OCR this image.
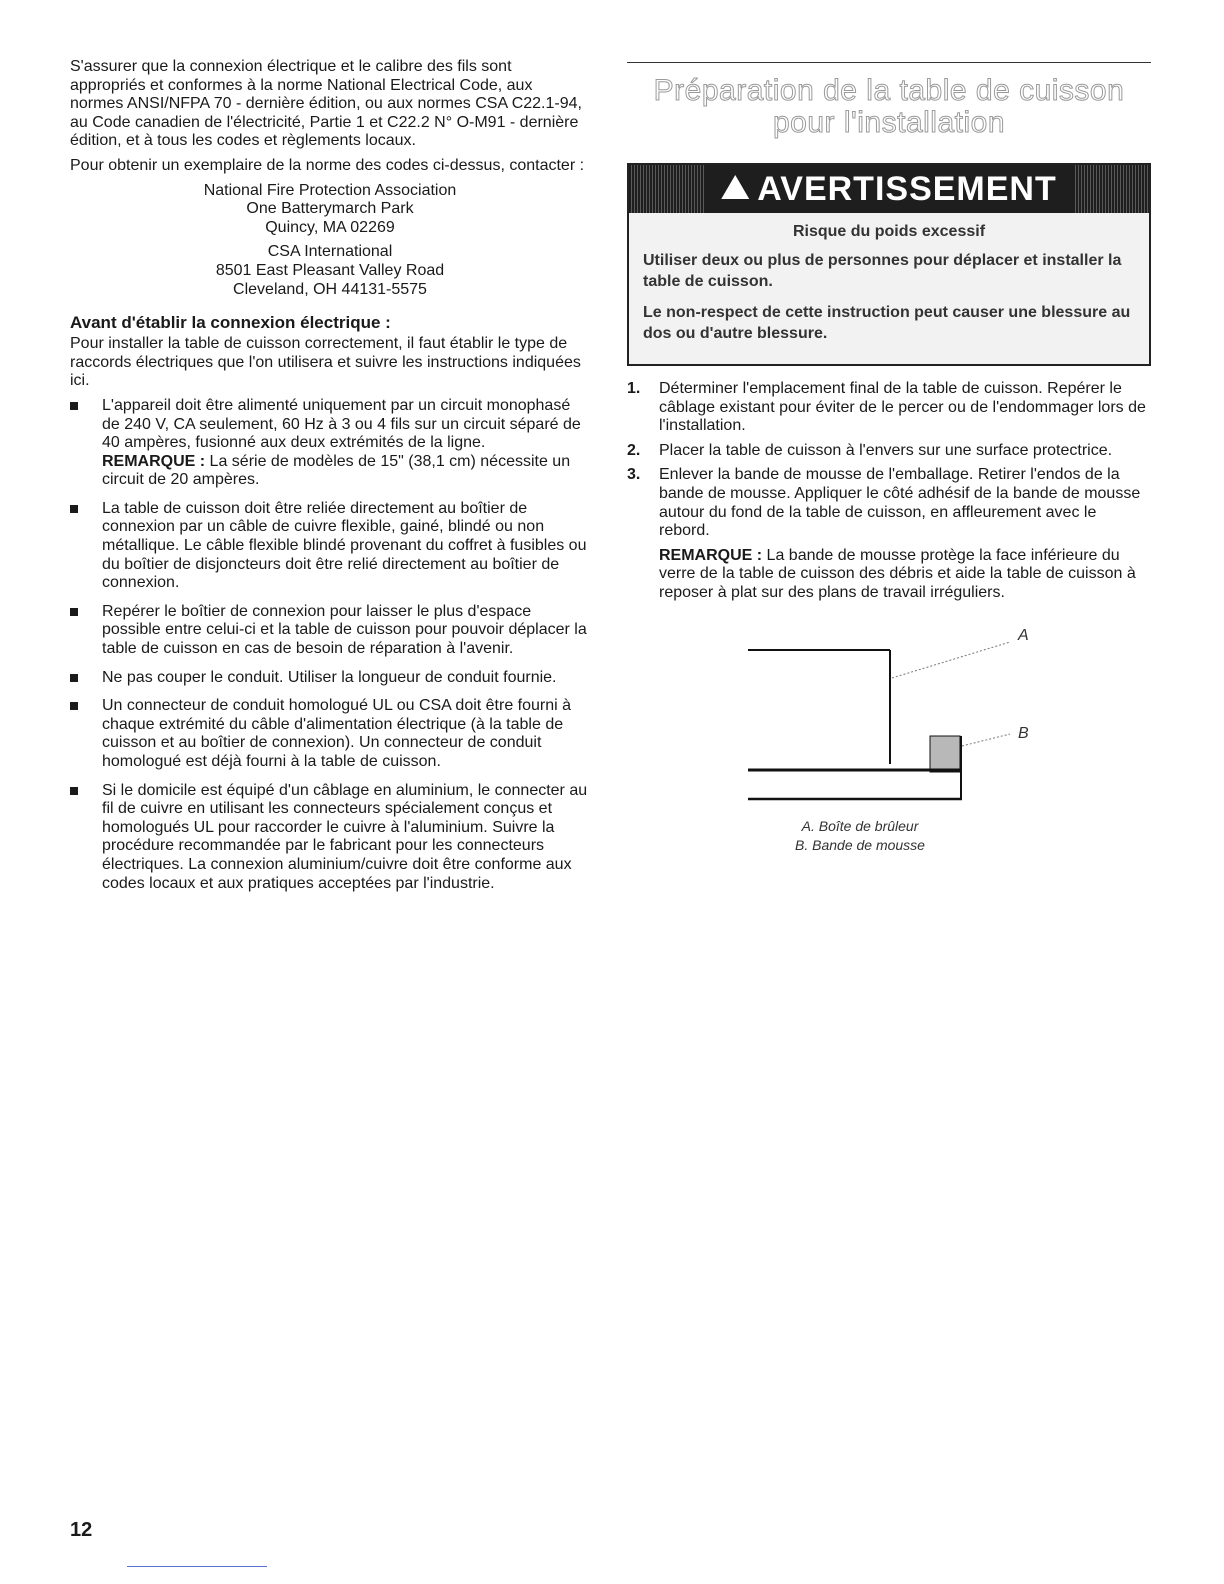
S'assurer que la connexion électrique et le calibre des fils sont appropriés et conformes à la norme National Electrical Code, aux normes ANSI/NFPA 70 - dernière édition, ou aux normes CSA C22.1-94, au Code canadien de l'électricité, Partie 1 et C22.2 N° O-M91 - dernière édition, et à tous les codes et règlements locaux.

Pour obtenir un exemplaire de la norme des codes ci-dessus, contacter :

National Fire Protection Association
One Batterymarch Park
Quincy, MA 02269
CSA International
8501 East Pleasant Valley Road
Cleveland, OH 44131-5575
Avant d'établir la connexion électrique :

Pour installer la table de cuisson correctement, il faut établir le type de raccords électriques que l'on utilisera et suivre les instructions indiquées ici.

L'appareil doit être alimenté uniquement par un circuit monophasé de 240 V, CA seulement, 60 Hz à 3 ou 4 fils sur un circuit séparé de 40 ampères, fusionné aux deux extrémités de la ligne.
REMARQUE : La série de modèles de 15" (38,1 cm) nécessite un circuit de 20 ampères.
La table de cuisson doit être reliée directement au boîtier de connexion par un câble de cuivre flexible, gainé, blindé ou non métallique. Le câble flexible blindé provenant du coffret à fusibles ou du boîtier de disjoncteurs doit être relié directement au boîtier de connexion.
Repérer le boîtier de connexion pour laisser le plus d'espace possible entre celui-ci et la table de cuisson pour pouvoir déplacer la table de cuisson en cas de besoin de réparation à l'avenir.
Ne pas couper le conduit. Utiliser la longueur de conduit fournie.
Un connecteur de conduit homologué UL ou CSA doit être fourni à chaque extrémité du câble d'alimentation électrique (à la table de cuisson et au boîtier de connexion). Un connecteur de conduit homologué est déjà fourni à la table de cuisson.
Si le domicile est équipé d'un câblage en aluminium, le connecter au fil de cuivre en utilisant les connecteurs spécialement conçus et homologués UL pour raccorder le cuivre à l'aluminium. Suivre la procédure recommandée par le fabricant pour les connecteurs électriques. La connexion aluminium/cuivre doit être conforme aux codes locaux et aux pratiques acceptées par l'industrie.
Préparation de la table de cuisson pour l'installation
AVERTISSEMENT

Risque du poids excessif

Utiliser deux ou plus de personnes pour déplacer et installer la table de cuisson.

Le non-respect de cette instruction peut causer une blessure au dos ou d'autre blessure.

1. Déterminer l'emplacement final de la table de cuisson. Repérer le câblage existant pour éviter de le percer ou de l'endommager lors de l'installation.
2. Placer la table de cuisson à l'envers sur une surface protectrice.
3. Enlever la bande de mousse de l'emballage. Retirer l'endos de la bande de mousse. Appliquer le côté adhésif de la bande de mousse autour du fond de la table de cuisson, en affleurement avec le rebord.
REMARQUE : La bande de mousse protège la face inférieure du verre de la table de cuisson des débris et aide la table de cuisson à reposer à plat sur des plans de travail irréguliers.
A
B
A. Boîte de brûleur
B. Bande de mousse
12
